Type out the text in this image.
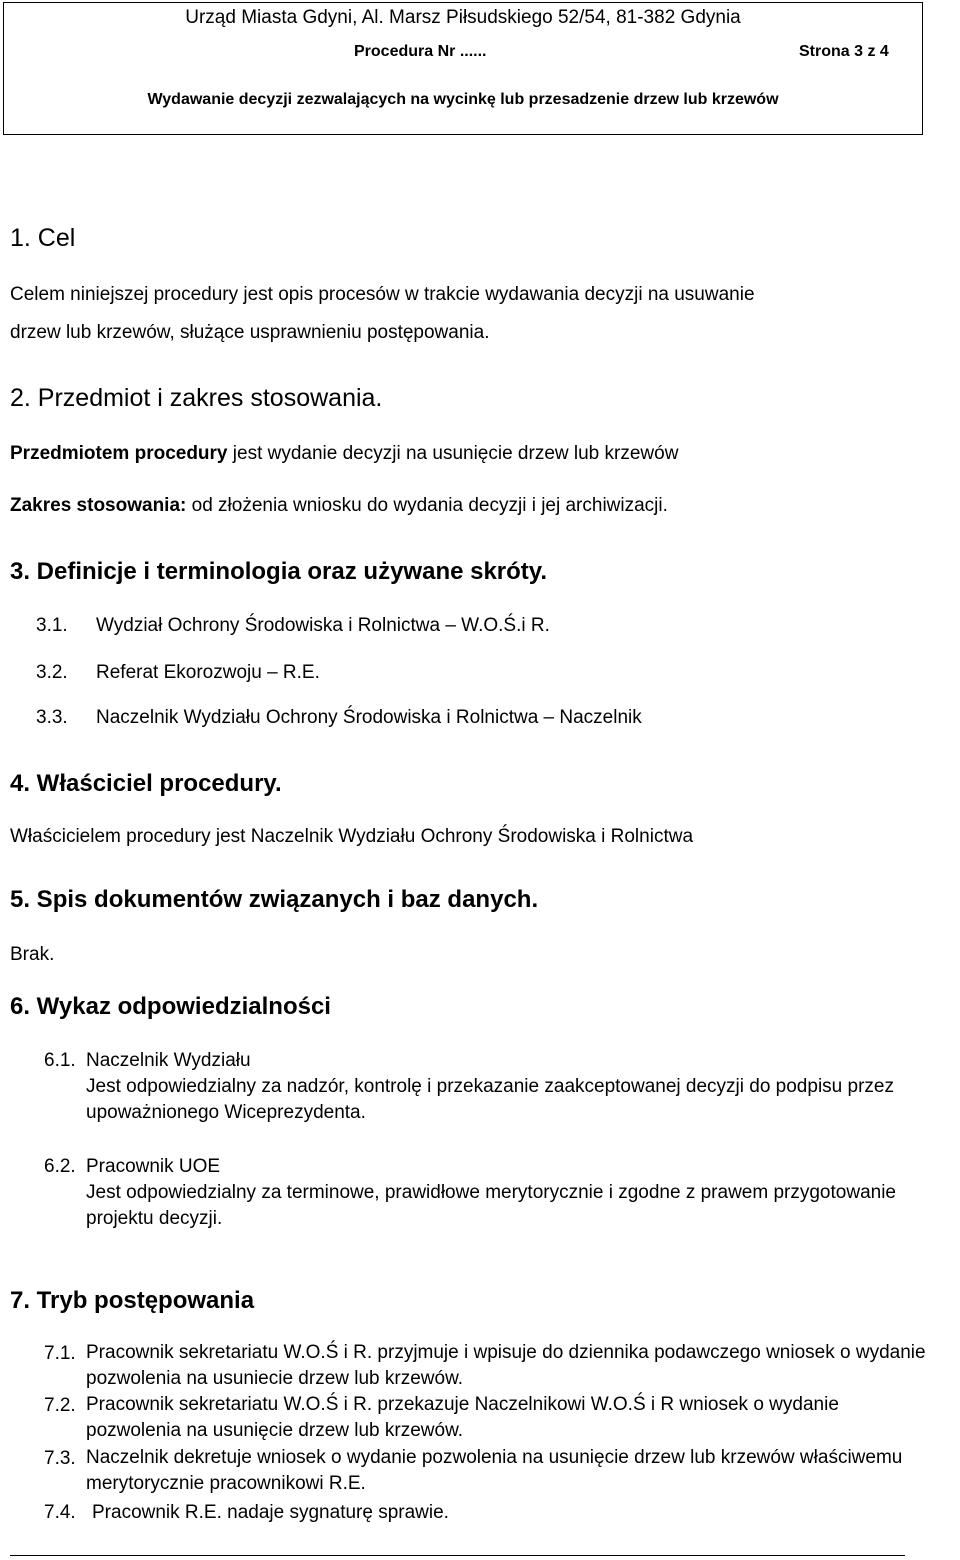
Urząd Miasta Gdyni, Al. Marsz Piłsudskiego 52/54, 81-382 Gdynia
Procedura Nr ......	Strona 3 z 4
Wydawanie decyzji zezwalających na wycinkę lub przesadzenie drzew lub krzewów
1. Cel
Celem niniejszej procedury jest opis procesów w trakcie wydawania decyzji na usuwanie
drzew lub krzewów, służące usprawnieniu postępowania.
2. Przedmiot i zakres stosowania.
Przedmiotem procedury jest wydanie decyzji na usunięcie drzew lub krzewów
Zakres stosowania: od złożenia wniosku do wydania decyzji i jej archiwizacji.
3. Definicje i terminologia oraz używane skróty.
3.1. Wydział Ochrony Środowiska i Rolnictwa – W.O.Ś.i R.
3.2. Referat Ekorozwoju – R.E.
3.3. Naczelnik Wydziału Ochrony Środowiska i Rolnictwa – Naczelnik
4. Właściciel procedury.
Właścicielem procedury jest Naczelnik Wydziału Ochrony Środowiska i Rolnictwa
5. Spis dokumentów związanych i baz danych.
Brak.
6. Wykaz odpowiedzialności
6.1. Naczelnik Wydziału
Jest odpowiedzialny za nadzór, kontrolę i przekazanie zaakceptowanej decyzji do podpisu przez upoważnionego Wiceprezydenta.
6.2. Pracownik UOE
Jest odpowiedzialny za terminowe, prawidłowe merytorycznie i zgodne z prawem przygotowanie projektu decyzji.
7. Tryb postępowania
7.1. Pracownik sekretariatu W.O.Ś i R. przyjmuje i wpisuje do dziennika podawczego wniosek o wydanie pozwolenia na usuniecie drzew lub krzewów.
7.2. Pracownik sekretariatu W.O.Ś i R. przekazuje Naczelnikowi W.O.Ś i R wniosek o wydanie pozwolenia na usunięcie drzew lub krzewów.
7.3. Naczelnik dekretuje wniosek o wydanie pozwolenia na usunięcie drzew lub krzewów właściwemu merytorycznie pracownikowi R.E.
7.4. Pracownik R.E. nadaje sygnaturę sprawie.
